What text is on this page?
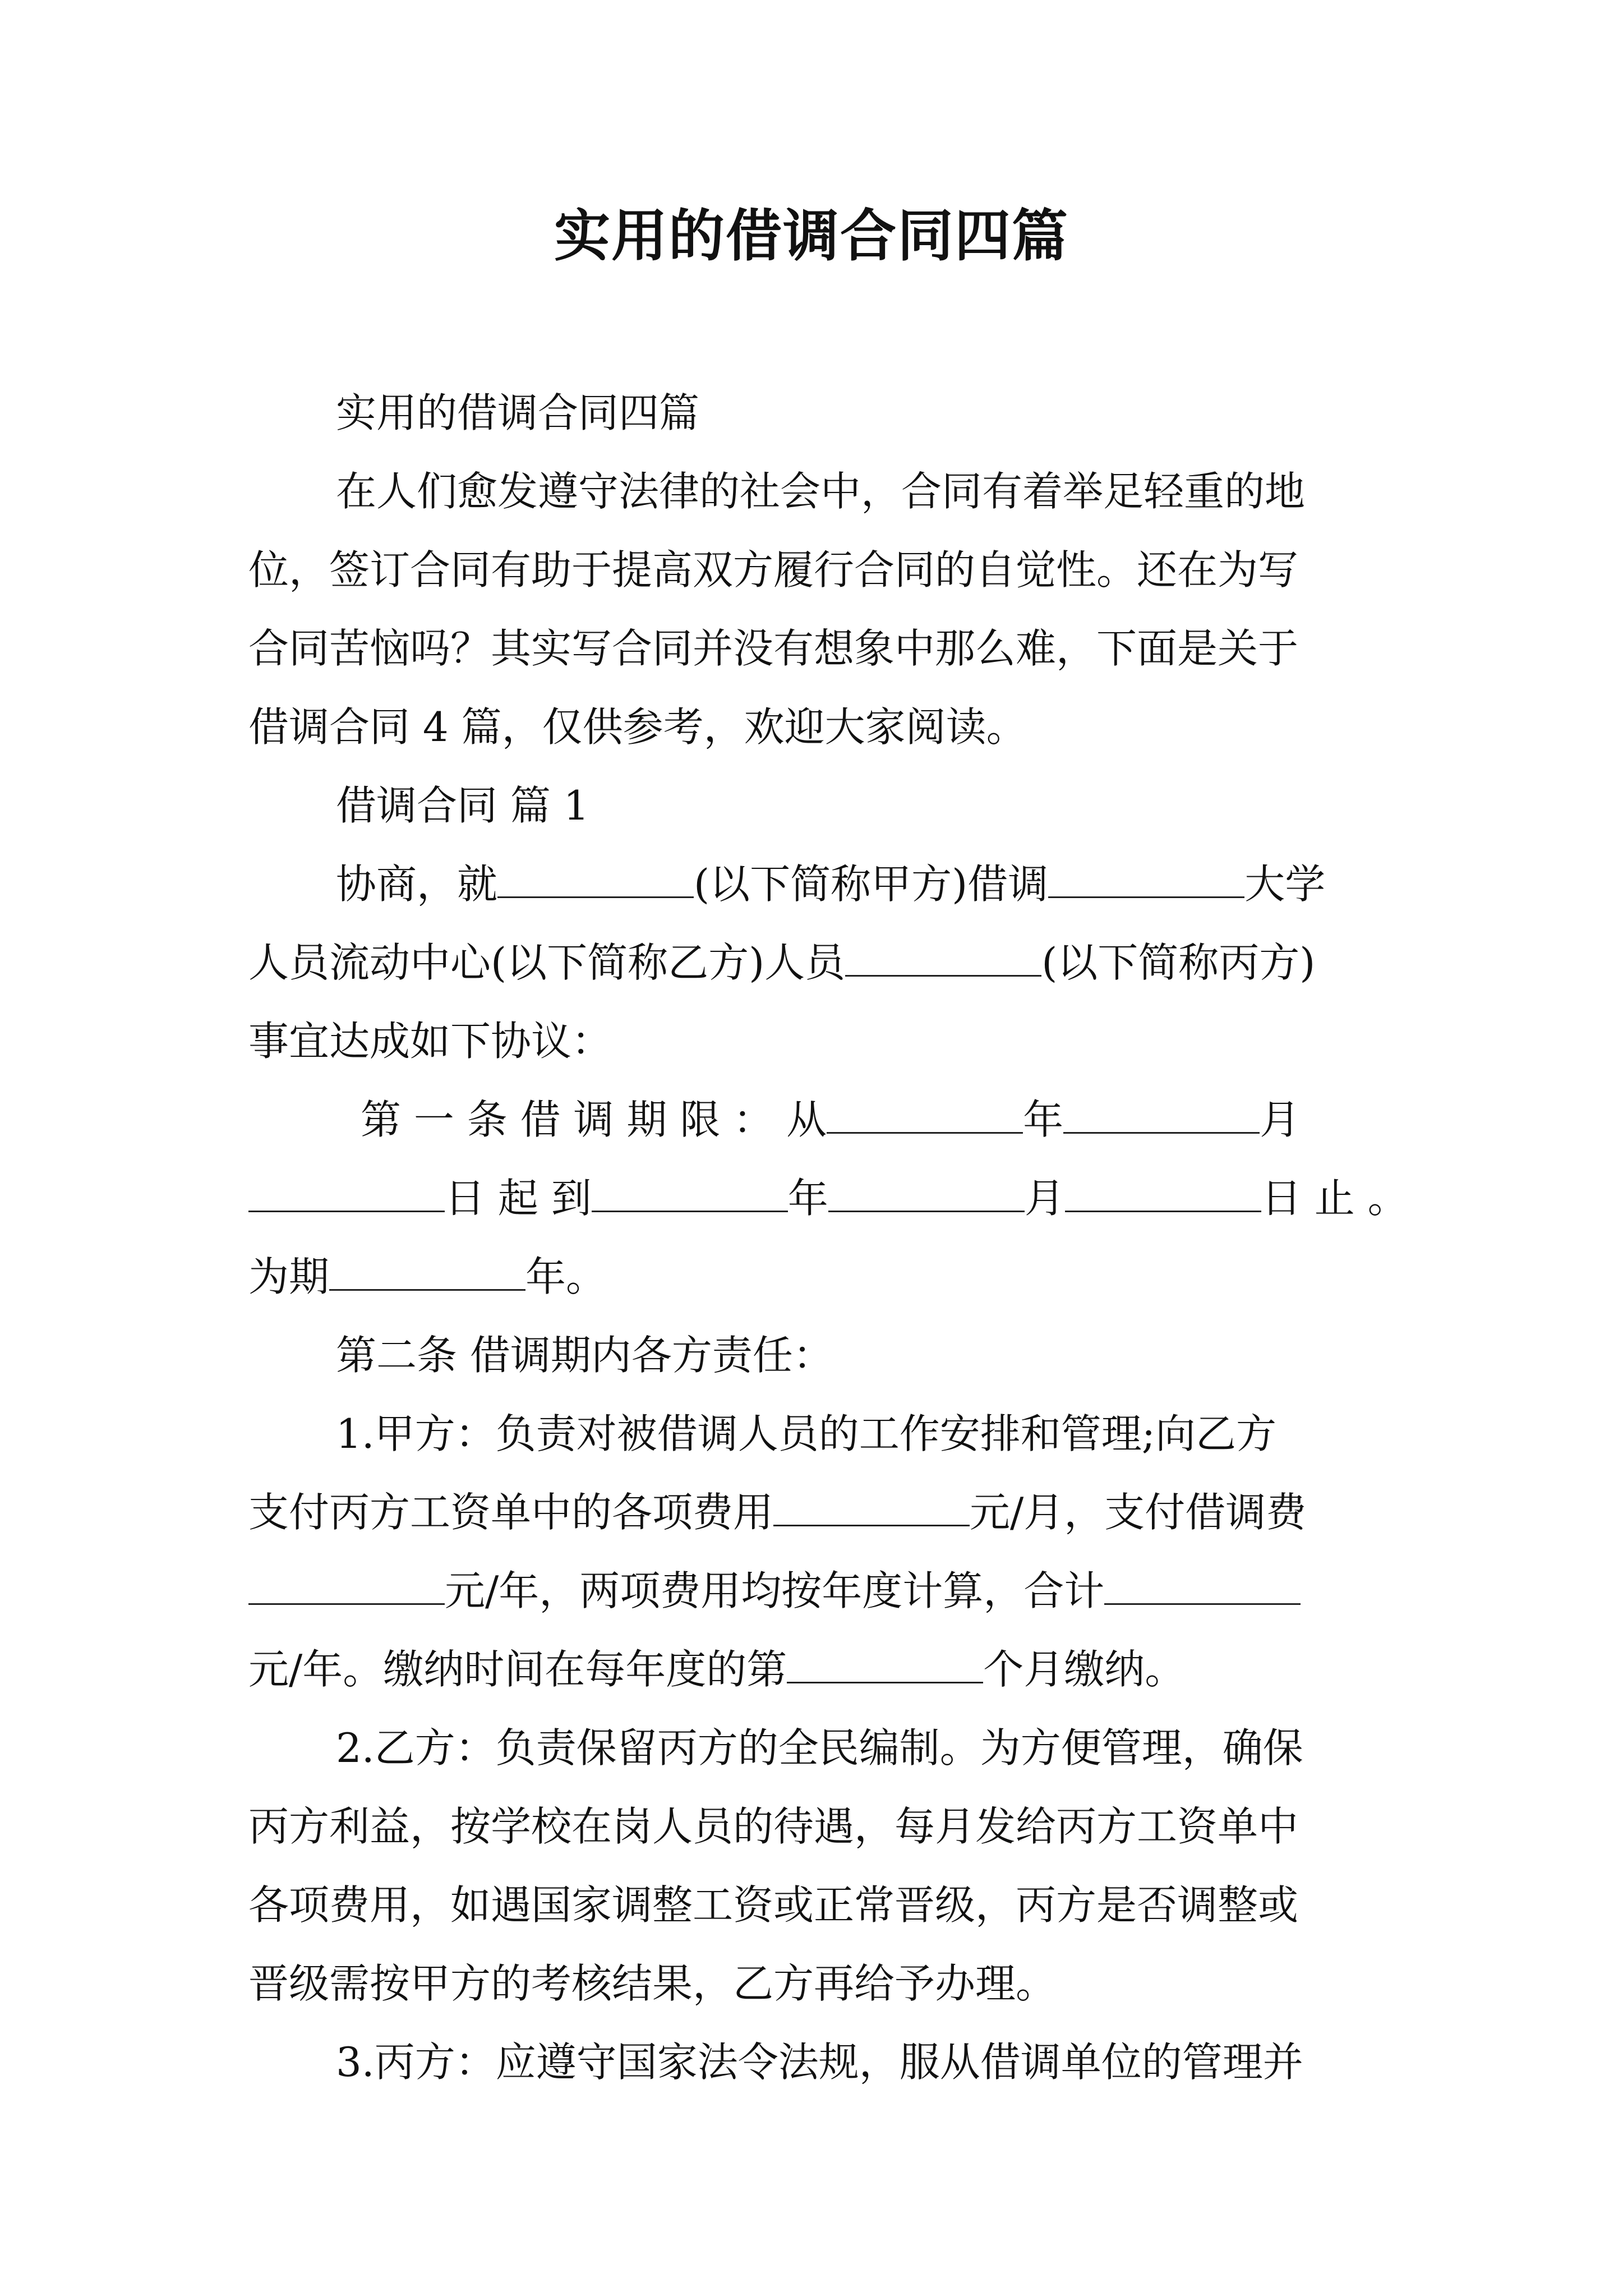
实用的借调合同四篇
实用的借调合同四篇
在人们愈发遵守法律的社会中，合同有着举足轻重的地
位，签订合同有助于提高双方履行合同的自觉性。还在为写
合同苦恼吗？其实写合同并没有想象中那么难，下面是关于
借调合同 4 篇，仅供参考，欢迎大家阅读。
借调合同 篇 1
协商，就	(以下简称甲方)借调	大学
人员流动中心(以下简称乙方)人员	(以下简称丙方)
事宜达成如下协议：
第 一 条 借 调 期 限 ： 从	年	月
日 起 到	年	月	日 止 。
为期	年。
第二条 借调期内各方责任：
1.甲方：负责对被借调人员的工作安排和管理;向乙方
支付丙方工资单中的各项费用	元/月，支付借调费
元/年，两项费用均按年度计算，合计
元/年。缴纳时间在每年度的第	个月缴纳。
2.乙方：负责保留丙方的全民编制。为方便管理，确保
丙方利益，按学校在岗人员的待遇，每月发给丙方工资单中
各项费用，如遇国家调整工资或正常晋级，丙方是否调整或
晋级需按甲方的考核结果，乙方再给予办理。
3.丙方：应遵守国家法令法规，服从借调单位的管理并
